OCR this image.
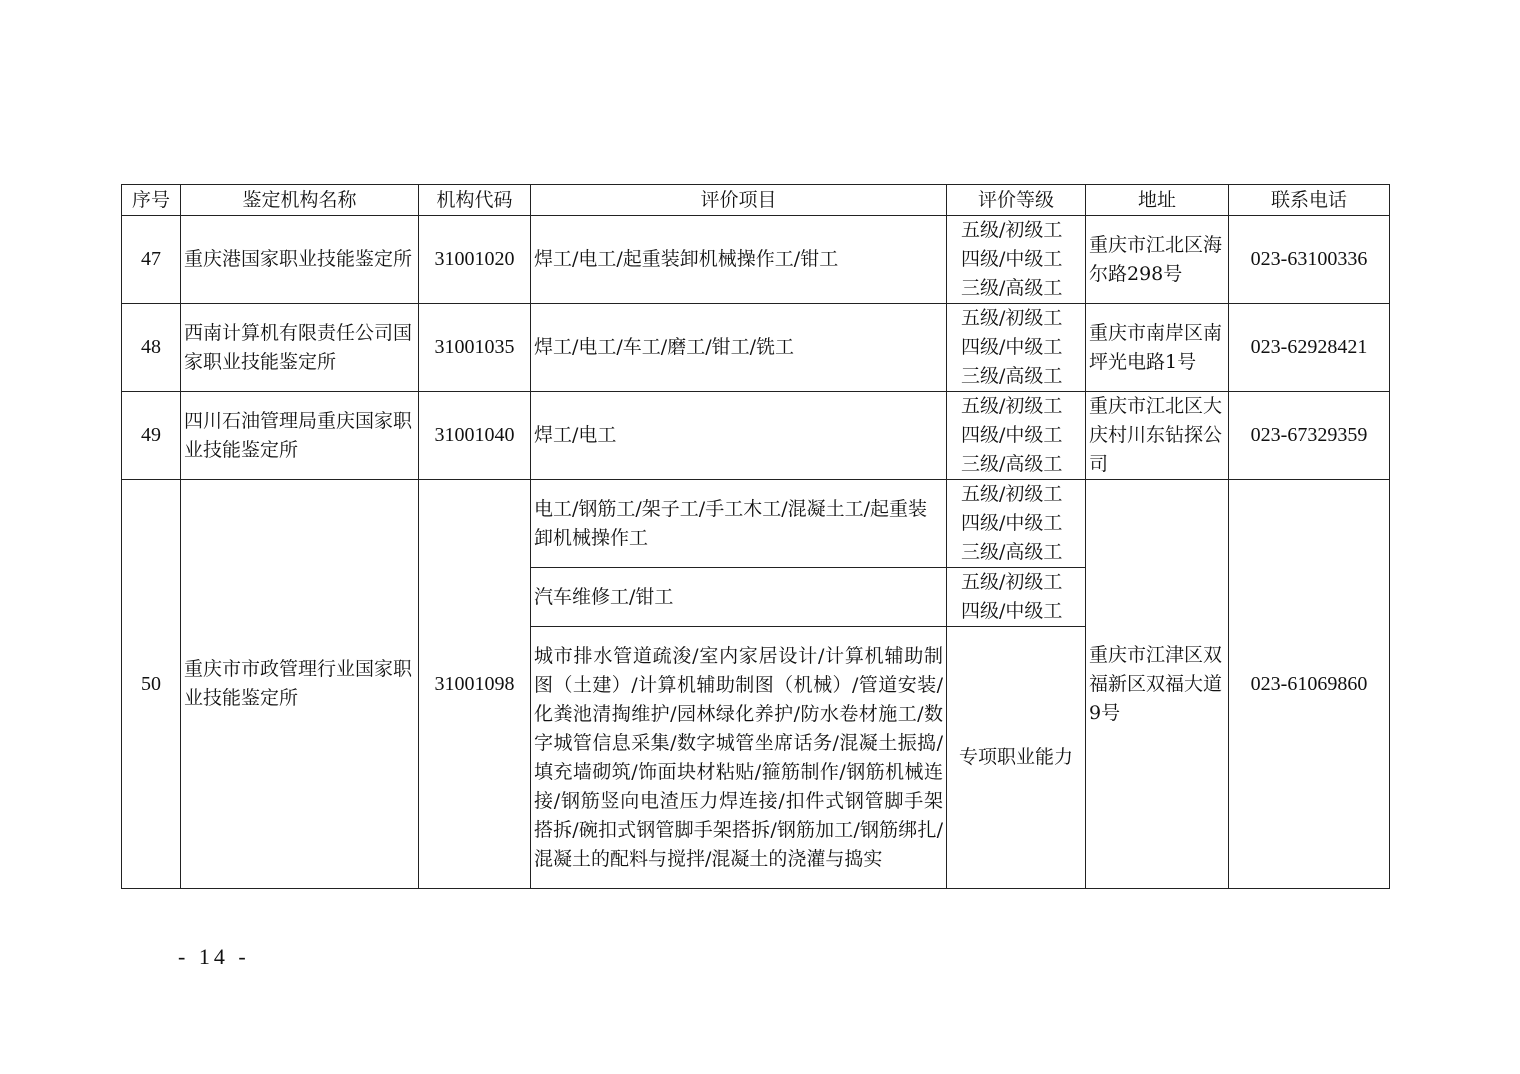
序号	鉴定机构名称	机构代码	评价项目	评价等级	地址	联系电话
47	重庆港国家职业技能鉴定所	31001020	焊工/电工/起重装卸机械操作工/钳工	五级/初级工
四级/中级工
三级/高级工	重庆市江北区海尔路298号	023-63100336
48	西南计算机有限责任公司国家职业技能鉴定所	31001035	焊工/电工/车工/磨工/钳工/铣工	五级/初级工
四级/中级工
三级/高级工	重庆市南岸区南坪光电路1号	023-62928421
49	四川石油管理局重庆国家职业技能鉴定所	31001040	焊工/电工	五级/初级工
四级/中级工
三级/高级工	重庆市江北区大庆村川东钻探公司	023-67329359
50	重庆市市政管理行业国家职业技能鉴定所	31001098	电工/钢筋工/架子工/手工木工/混凝土工/起重装卸机械操作工	五级/初级工
四级/中级工
三级/高级工	重庆市江津区双福新区双福大道9号	023-61069860
			汽车维修工/钳工	五级/初级工
四级/中级工		

			城市排水管道疏浚/室内家居设计/计算机辅助制图（土建）/计算机辅助制图（机械）/管道安装/化粪池清掏维护/园林绿化养护/防水卷材施工/数字城管信息采集/数字城管坐席话务/混凝土振捣/填充墙砌筑/饰面块材粘贴/箍筋制作/钢筋机械连接/钢筋竖向电渣压力焊连接/扣件式钢管脚手架搭拆/碗扣式钢管脚手架搭拆/钢筋加工/钢筋绑扎/混凝土的配料与搅拌/混凝土的浇灌与捣实	专项职业能力		
- 14 -
